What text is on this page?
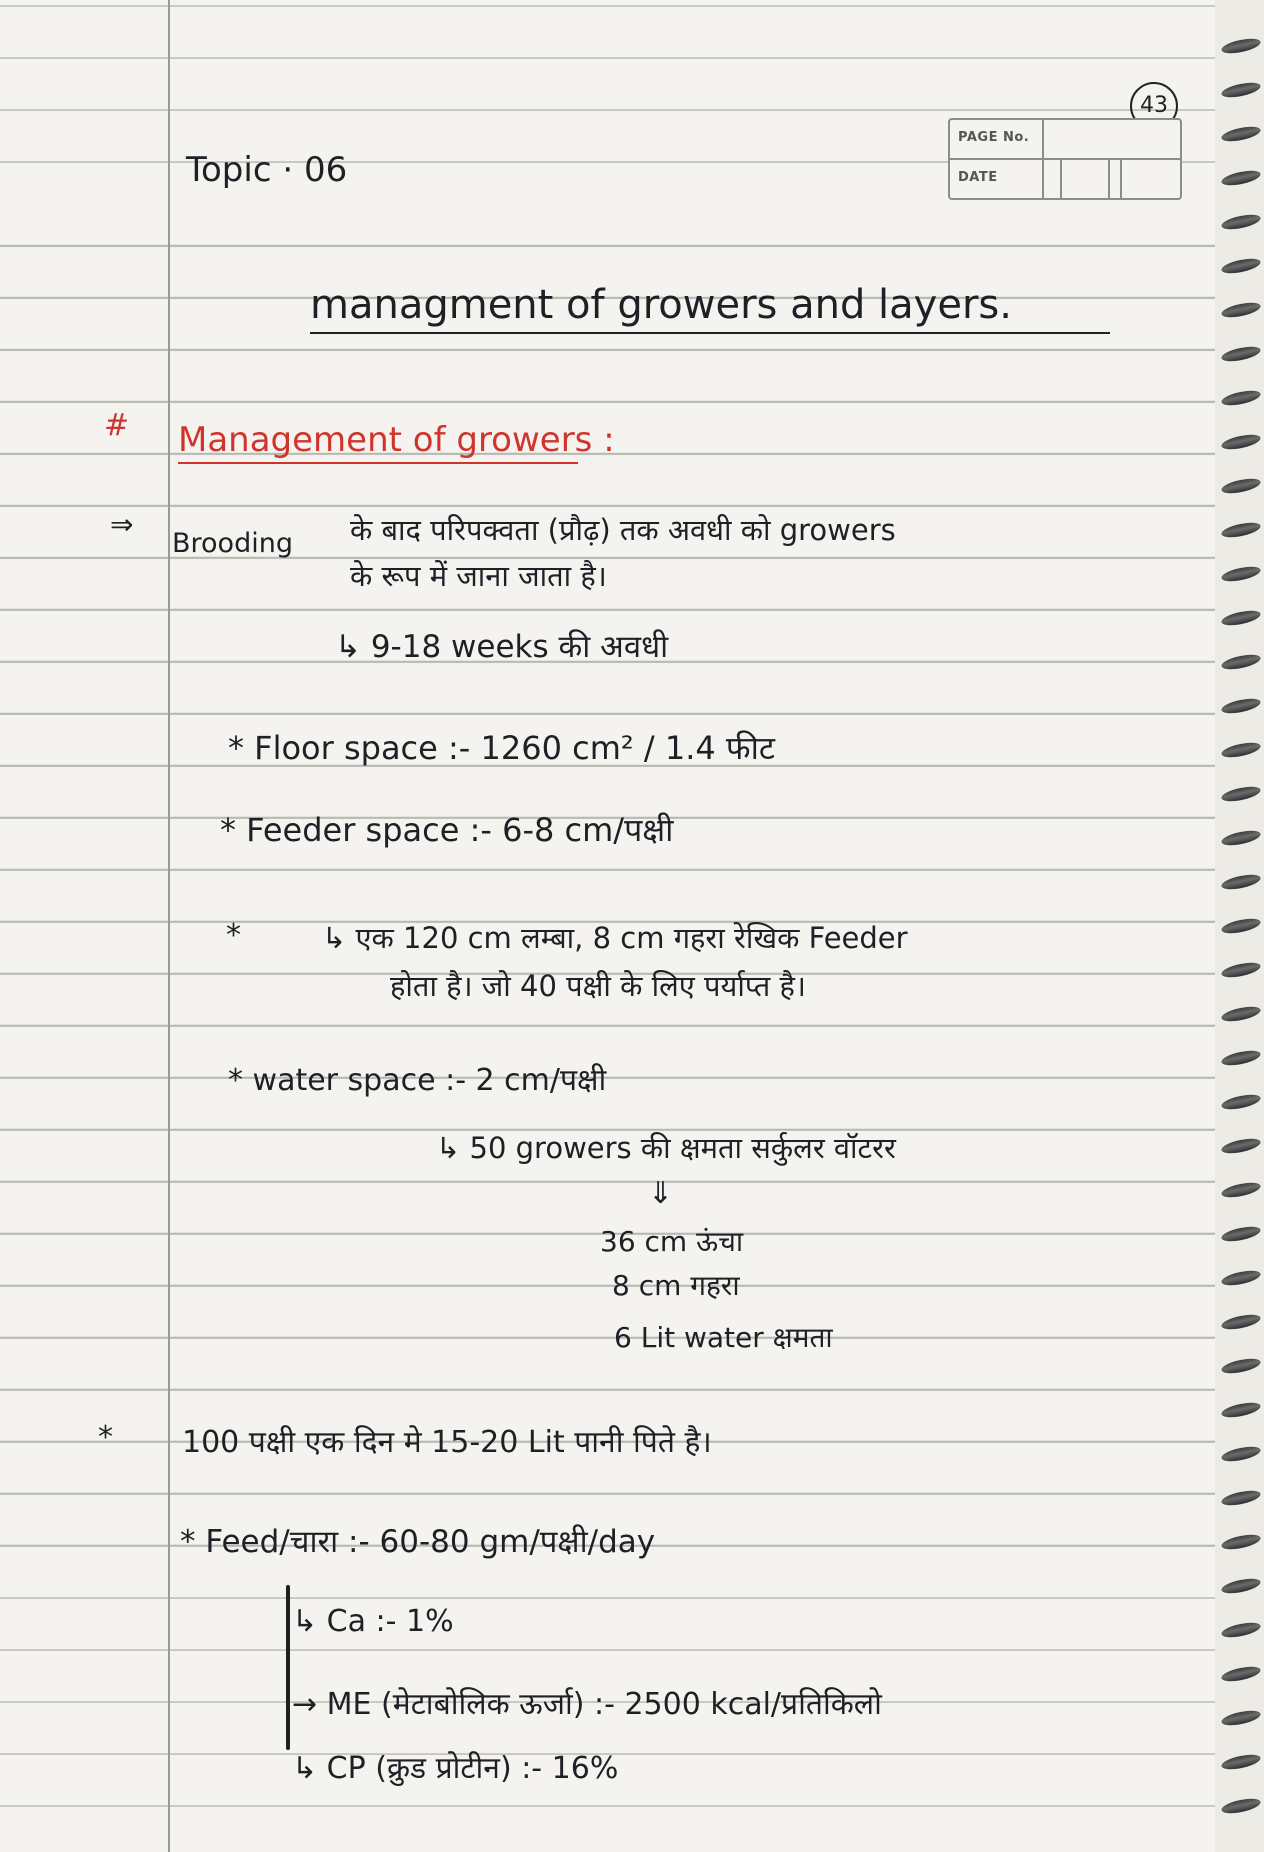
43
PAGE No.
DATE
Topic · 06
managment of growers and layers.
# Management of growers :
⇒
Brooding के बाद परिपक्वता (प्रौढ़) तक अवधी को growers
के रूप में जाना जाता है।
↳ 9-18 weeks की अवधी
* Floor space :- 1260 cm² / 1.4 फीट
* Feeder space :- 6-8 cm/पक्षी
*	↳ एक 120 cm लम्बा, 8 cm गहरा रेखिक Feeder
होता है। जो 40 पक्षी के लिए पर्याप्त है।
* water space :- 2 cm/पक्षी
↳ 50 growers की क्षमता सर्कुलर वॉटरर
⇓
36 cm ऊंचा
8 cm गहरा
6 Lit water क्षमता
* 100 पक्षी एक दिन मे 15-20 Lit पानी पिते है।
* Feed/चारा :- 60-80 gm/पक्षी/day
↳ Ca :- 1%
→ ME (मेटाबोलिक ऊर्जा) :- 2500 kcal/प्रतिकिलो
↳ CP (क्रुड प्रोटीन) :- 16%
